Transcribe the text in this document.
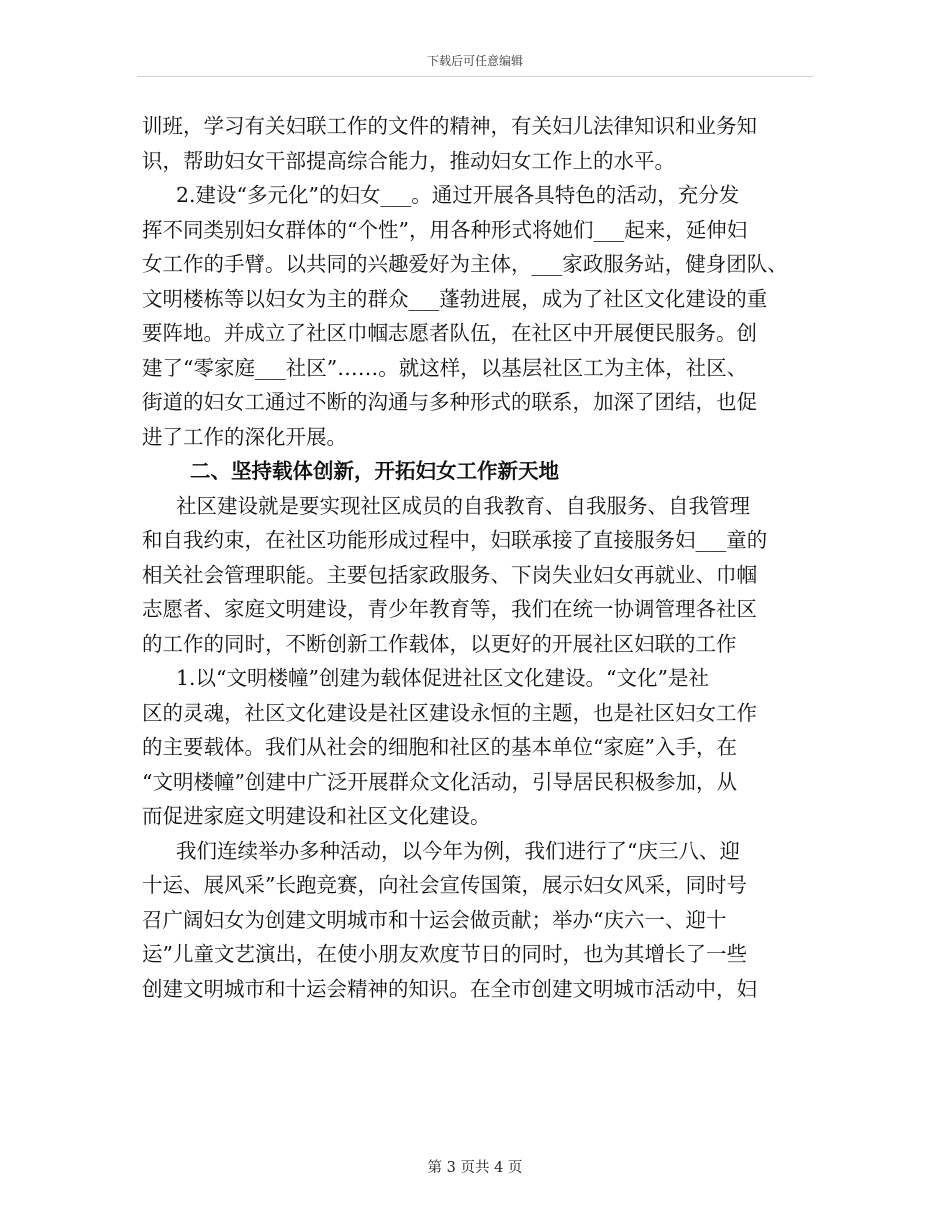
下载后可任意编辑
训班，学习有关妇联工作的文件的精神，有关妇儿法律知识和业务知
识，帮助妇女干部提高综合能力，推动妇女工作上的水平。
2.建设“多元化”的妇女___。通过开展各具特色的活动，充分发
挥不同类别妇女群体的“个性”，用各种形式将她们___起来，延伸妇
女工作的手臂。以共同的兴趣爱好为主体，___家政服务站，健身团队、
文明楼栋等以妇女为主的群众___蓬勃进展，成为了社区文化建设的重
要阵地。并成立了社区巾帼志愿者队伍，在社区中开展便民服务。创
建了“零家庭___社区”……。就这样，以基层社区工为主体，社区、
街道的妇女工通过不断的沟通与多种形式的联系，加深了团结，也促
进了工作的深化开展。
二、坚持载体创新，开拓妇女工作新天地
社区建设就是要实现社区成员的自我教育、自我服务、自我管理
和自我约束，在社区功能形成过程中，妇联承接了直接服务妇___童的
相关社会管理职能。主要包括家政服务、下岗失业妇女再就业、巾帼
志愿者、家庭文明建设，青少年教育等，我们在统一协调管理各社区
的工作的同时，不断创新工作载体，以更好的开展社区妇联的工作
1.以“文明楼幢”创建为载体促进社区文化建设。“文化”是社
区的灵魂，社区文化建设是社区建设永恒的主题，也是社区妇女工作
的主要载体。我们从社会的细胞和社区的基本单位“家庭”入手，在
“文明楼幢”创建中广泛开展群众文化活动，引导居民积极参加，从
而促进家庭文明建设和社区文化建设。
我们连续举办多种活动，以今年为例，我们进行了“庆三八、迎
十运、展风采”长跑竞赛，向社会宣传国策，展示妇女风采，同时号
召广阔妇女为创建文明城市和十运会做贡献；举办“庆六一、迎十
运”儿童文艺演出，在使小朋友欢度节日的同时，也为其增长了一些
创建文明城市和十运会精神的知识。在全市创建文明城市活动中，妇
第 3 页共 4 页
